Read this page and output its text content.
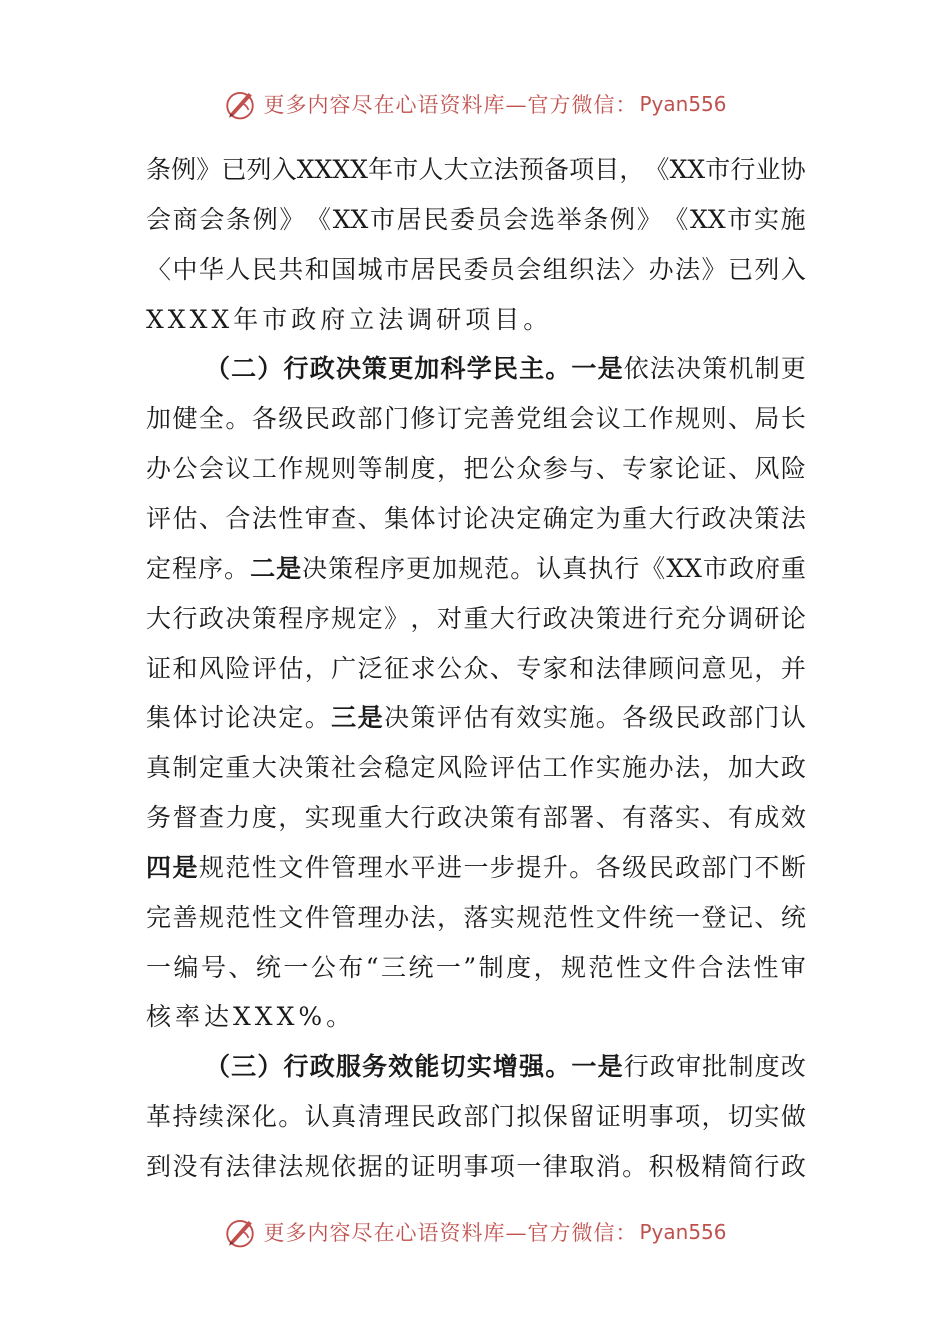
更多内容尽在心语资料库—官方微信： Pyan556
条 例 》 已 列 入 XXXX 年 市 人 大 立 法 预 备 项 目 ， 《 XX 市 行 业 协
会 商 会 条 例 》 《 XX 市 居 民 委 员 会 选 举 条 例 》 《 XX 市 实 施
〈 中 华 人 民 共 和 国 城 市 居 民 委 员 会 组 织 法 〉 办 法 》 已 列 入
XXXX年市政府立法调研项目。
（ 二 ） 行 政 决 策 更 加 科 学 民 主 。 一 是 依 法 决 策 机 制 更
加 健 全 。 各 级 民 政 部 门 修 订 完 善 党 组 会 议 工 作 规 则 、 局 长
办 公 会 议 工 作 规 则 等 制 度 ， 把 公 众 参 与 、 专 家 论 证 、 风 险
评 估 、 合 法 性 审 查 、 集 体 讨 论 决 定 确 定 为 重 大 行 政 决 策 法
定 程 序 。 二 是 决 策 程 序 更 加 规 范 。 认 真 执 行 《 XX 市 政 府 重
大 行 政 决 策 程 序 规 定 》 ， 对 重 大 行 政 决 策 进 行 充 分 调 研 论
证 和 风 险 评 估 ， 广 泛 征 求 公 众 、 专 家 和 法 律 顾 问 意 见 ， 并
集 体 讨 论 决 定 。 三 是 决 策 评 估 有 效 实 施 。 各 级 民 政 部 门 认
真 制 定 重 大 决 策 社 会 稳 定 风 险 评 估 工 作 实 施 办 法 ， 加 大 政
务 督 查 力 度 ， 实 现 重 大 行 政 决 策 有 部 署 、 有 落 实 、 有 成 效
四 是 规 范 性 文 件 管 理 水 平 进 一 步 提 升 。 各 级 民 政 部 门 不 断
完 善 规 范 性 文 件 管 理 办 法 ， 落 实 规 范 性 文 件 统 一 登 记 、 统
一 编 号 、 统 一 公 布 “ 三 统 一 ” 制 度 ， 规 范 性 文 件 合 法 性 审
核率达XXX%。
（ 三 ） 行 政 服 务 效 能 切 实 增 强 。 一 是 行 政 审 批 制 度 改
革 持 续 深 化 。 认 真 清 理 民 政 部 门 拟 保 留 证 明 事 项 ， 切 实 做
到 没 有 法 律 法 规 依 据 的 证 明 事 项 一 律 取 消 。 积 极 精 简 行 政
更多内容尽在心语资料库—官方微信： Pyan556
